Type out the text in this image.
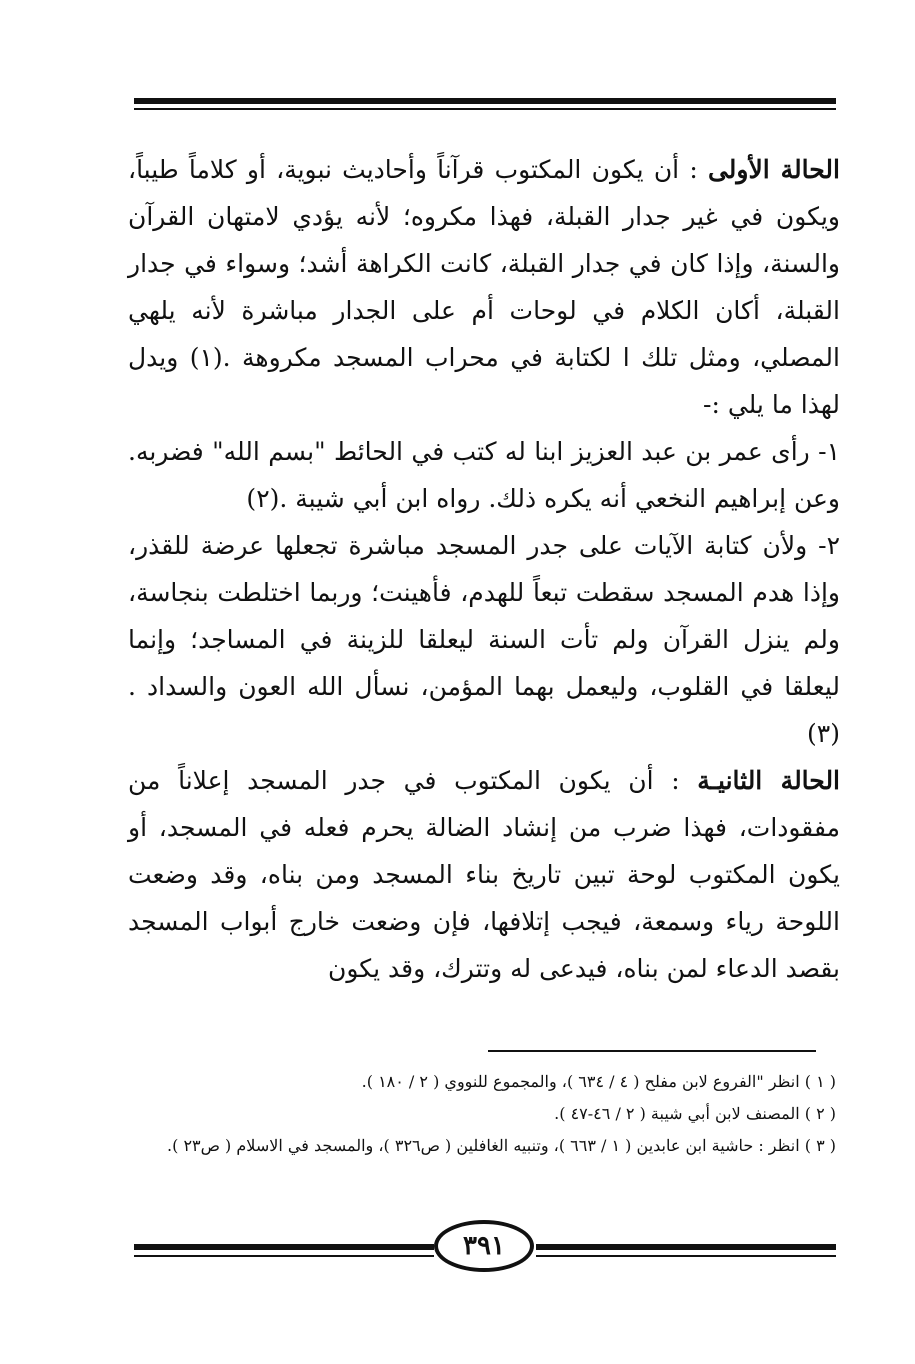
الحالة الأولى : أن يكون المكتوب قرآناً وأحاديث نبوية، أو كلاماً طيباً، ويكون في غير جدار القبلة، فهذا مكروه؛ لأنه يؤدي لامتهان القرآن والسنة، وإذا كان في جدار القبلة، كانت الكراهة أشد؛ وسواء في جدار القبلة، أكان الكلام في لوحات أم على الجدار مباشرة لأنه يلهي المصلي، ومثل تلك ا لكتابة في محراب المسجد مكروهة .(١) ويدل لهذا ما يلي :-

١- رأى عمر بن عبد العزيز ابنا له كتب في الحائط "بسم الله" فضربه. وعن إبراهيم النخعي أنه يكره ذلك. رواه ابن أبي شيبة .(٢)

٢- ولأن كتابة الآيات على جدر المسجد مباشرة تجعلها عرضة للقذر، وإذا هدم المسجد سقطت تبعاً للهدم، فأهينت؛ وربما اختلطت بنجاسة، ولم ينزل القرآن ولم تأت السنة ليعلقا للزينة في المساجد؛ وإنما ليعلقا في القلوب، وليعمل بهما المؤمن، نسأل الله العون والسداد .(٣)

الحالة الثانيـة : أن يكون المكتوب في جدر المسجد إعلاناً من مفقودات، فهذا ضرب من إنشاد الضالة يحرم فعله في المسجد، أو يكون المكتوب لوحة تبين تاريخ بناء المسجد ومن بناه، وقد وضعت اللوحة رياء وسمعة، فيجب إتلافها، فإن وضعت خارج أبواب المسجد بقصد الدعاء لمن بناه، فيدعى له وتترك، وقد يكون

( ١ ) انظر "الفروع لابن مفلح ( ٤ / ٦٣٤ )، والمجموع للنووي ( ٢ / ١٨٠ ).

( ٢ ) المصنف لابن أبي شيبة ( ٢ / ٤٦-٤٧ ).

( ٣ ) انظر : حاشية ابن عابدين ( ١ / ٦٦٣ )، وتنبيه الغافلين ( ص٣٢٦ )، والمسجد في الاسلام ( ص٢٣ ).

٣٩١
